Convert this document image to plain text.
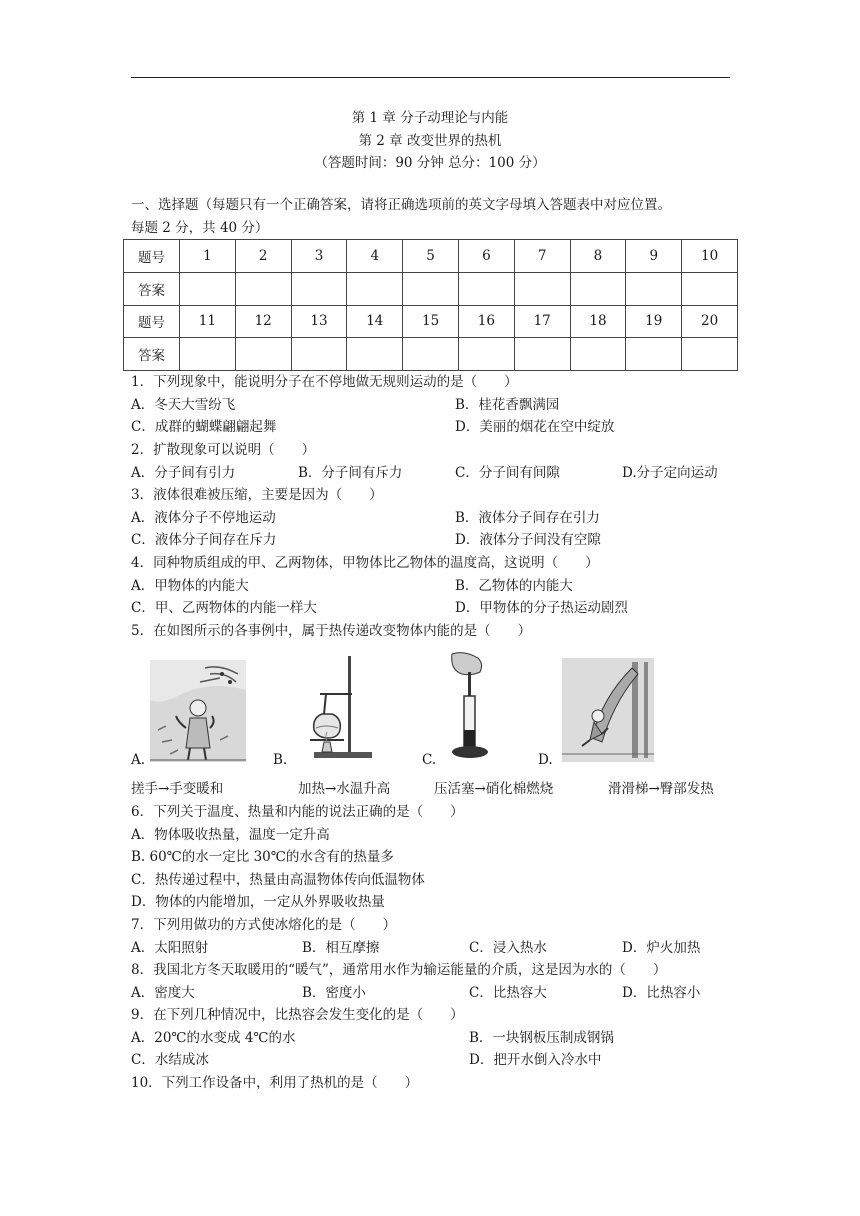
第 1 章 分子动理论与内能
第 2 章 改变世界的热机
（答题时间：90 分钟 总分：100 分）
一、选择题（每题只有一个正确答案，请将正确选项前的英文字母填入答题表中对应位置。
每题 2 分，共 40 分）
题号	1	2	3	4	5	6	7	8	9	10
答案										
题号	11	12	13	14	15	16	17	18	19	20
答案										
1．下列现象中，能说明分子在不停地做无规则运动的是（　　）
A．冬天大雪纷飞	B．桂花香飘满园
C．成群的蝴蝶翩翩起舞	D．美丽的烟花在空中绽放
2．扩散现象可以说明（　　）
A．分子间有引力	B．分子间有斥力	C．分子间有间隙	D.分子定向运动
3．液体很难被压缩，主要是因为（　　）
A．液体分子不停地运动	B．液体分子间存在引力
C．液体分子间存在斥力	D．液体分子间没有空隙
4．同种物质组成的甲、乙两物体，甲物体比乙物体的温度高，这说明（　　）
A．甲物体的内能大	B．乙物体的内能大
C．甲、乙两物体的内能一样大	D．甲物体的分子热运动剧烈
5．在如图所示的各事例中，属于热传递改变物体内能的是（　　）
A.	B.	C.	D.
搓手→手变暖和	加热→水温升高	压活塞→硝化棉燃烧	滑滑梯→臀部发热
6．下列关于温度、热量和内能的说法正确的是（　　）
A．物体吸收热量，温度一定升高
B. 60℃的水一定比 30℃的水含有的热量多
C．热传递过程中，热量由高温物体传向低温物体
D．物体的内能增加，一定从外界吸收热量
7．下列用做功的方式使冰熔化的是（　　）
A．太阳照射	B．相互摩擦	C．浸入热水	D．炉火加热
8．我国北方冬天取暖用的“暖气”，通常用水作为输运能量的介质，这是因为水的（　　）
A．密度大	B．密度小	C．比热容大	D．比热容小
9．在下列几种情况中，比热容会发生变化的是（　　）
A．20℃的水变成 4℃的水	B．一块钢板压制成钢锅
C．水结成冰	D．把开水倒入冷水中
10．下列工作设备中，利用了热机的是（　　）
